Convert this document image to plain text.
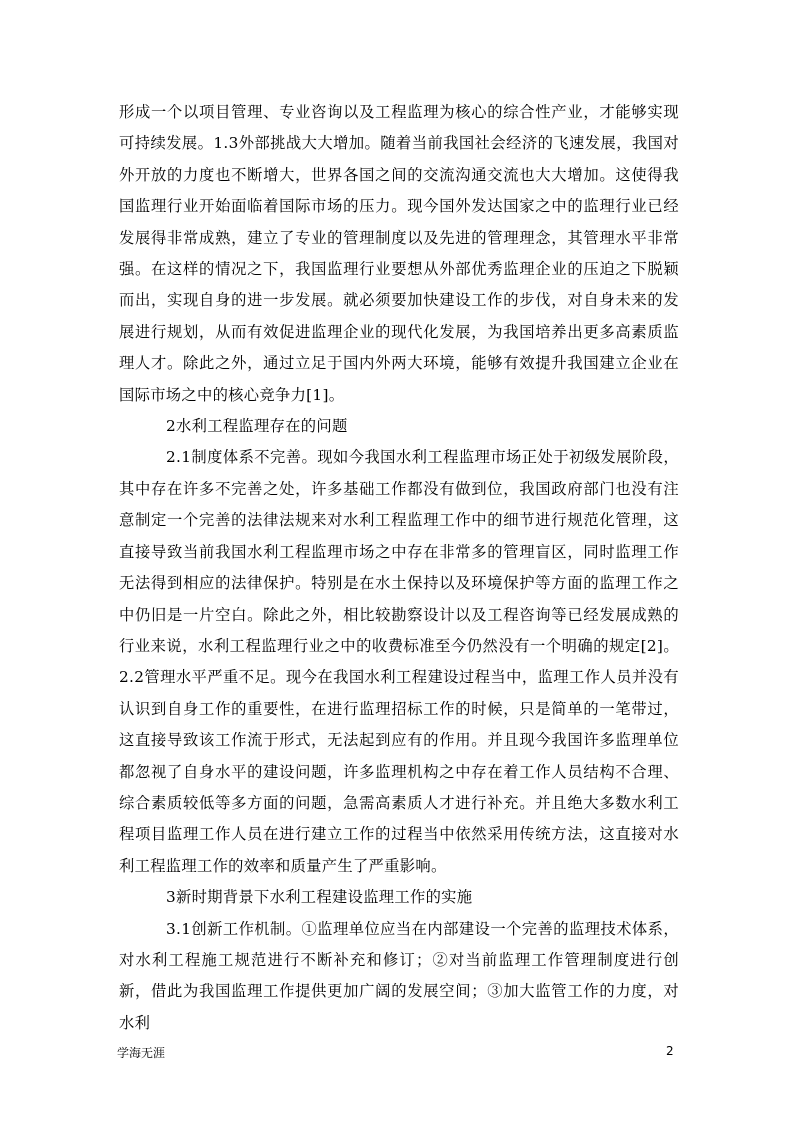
形成一个以项目管理、专业咨询以及工程监理为核心的综合性产业，才能够实现可持续发展。1.3外部挑战大大增加。随着当前我国社会经济的飞速发展，我国对外开放的力度也不断增大，世界各国之间的交流沟通交流也大大增加。这使得我国监理行业开始面临着国际市场的压力。现今国外发达国家之中的监理行业已经发展得非常成熟，建立了专业的管理制度以及先进的管理理念，其管理水平非常强。在这样的情况之下，我国监理行业要想从外部优秀监理企业的压迫之下脱颖而出，实现自身的进一步发展。就必须要加快建设工作的步伐，对自身未来的发展进行规划，从而有效促进监理企业的现代化发展，为我国培养出更多高素质监理人才。除此之外，通过立足于国内外两大环境，能够有效提升我国建立企业在国际市场之中的核心竞争力[1]。

2水利工程监理存在的问题

2.1制度体系不完善。现如今我国水利工程监理市场正处于初级发展阶段，其中存在许多不完善之处，许多基础工作都没有做到位，我国政府部门也没有注意制定一个完善的法律法规来对水利工程监理工作中的细节进行规范化管理，这直接导致当前我国水利工程监理市场之中存在非常多的管理盲区，同时监理工作无法得到相应的法律保护。特别是在水土保持以及环境保护等方面的监理工作之中仍旧是一片空白。除此之外，相比较勘察设计以及工程咨询等已经发展成熟的行业来说，水利工程监理行业之中的收费标准至今仍然没有一个明确的规定[2]。2.2管理水平严重不足。现今在我国水利工程建设过程当中，监理工作人员并没有认识到自身工作的重要性，在进行监理招标工作的时候，只是简单的一笔带过，这直接导致该工作流于形式，无法起到应有的作用。并且现今我国许多监理单位都忽视了自身水平的建设问题，许多监理机构之中存在着工作人员结构不合理、综合素质较低等多方面的问题，急需高素质人才进行补充。并且绝大多数水利工程项目监理工作人员在进行建立工作的过程当中依然采用传统方法，这直接对水利工程监理工作的效率和质量产生了严重影响。

3新时期背景下水利工程建设监理工作的实施

3.1创新工作机制。①监理单位应当在内部建设一个完善的监理技术体系，对水利工程施工规范进行不断补充和修订；②对当前监理工作管理制度进行创新，借此为我国监理工作提供更加广阔的发展空间；③加大监管工作的力度，对水利

学海无涯	2
